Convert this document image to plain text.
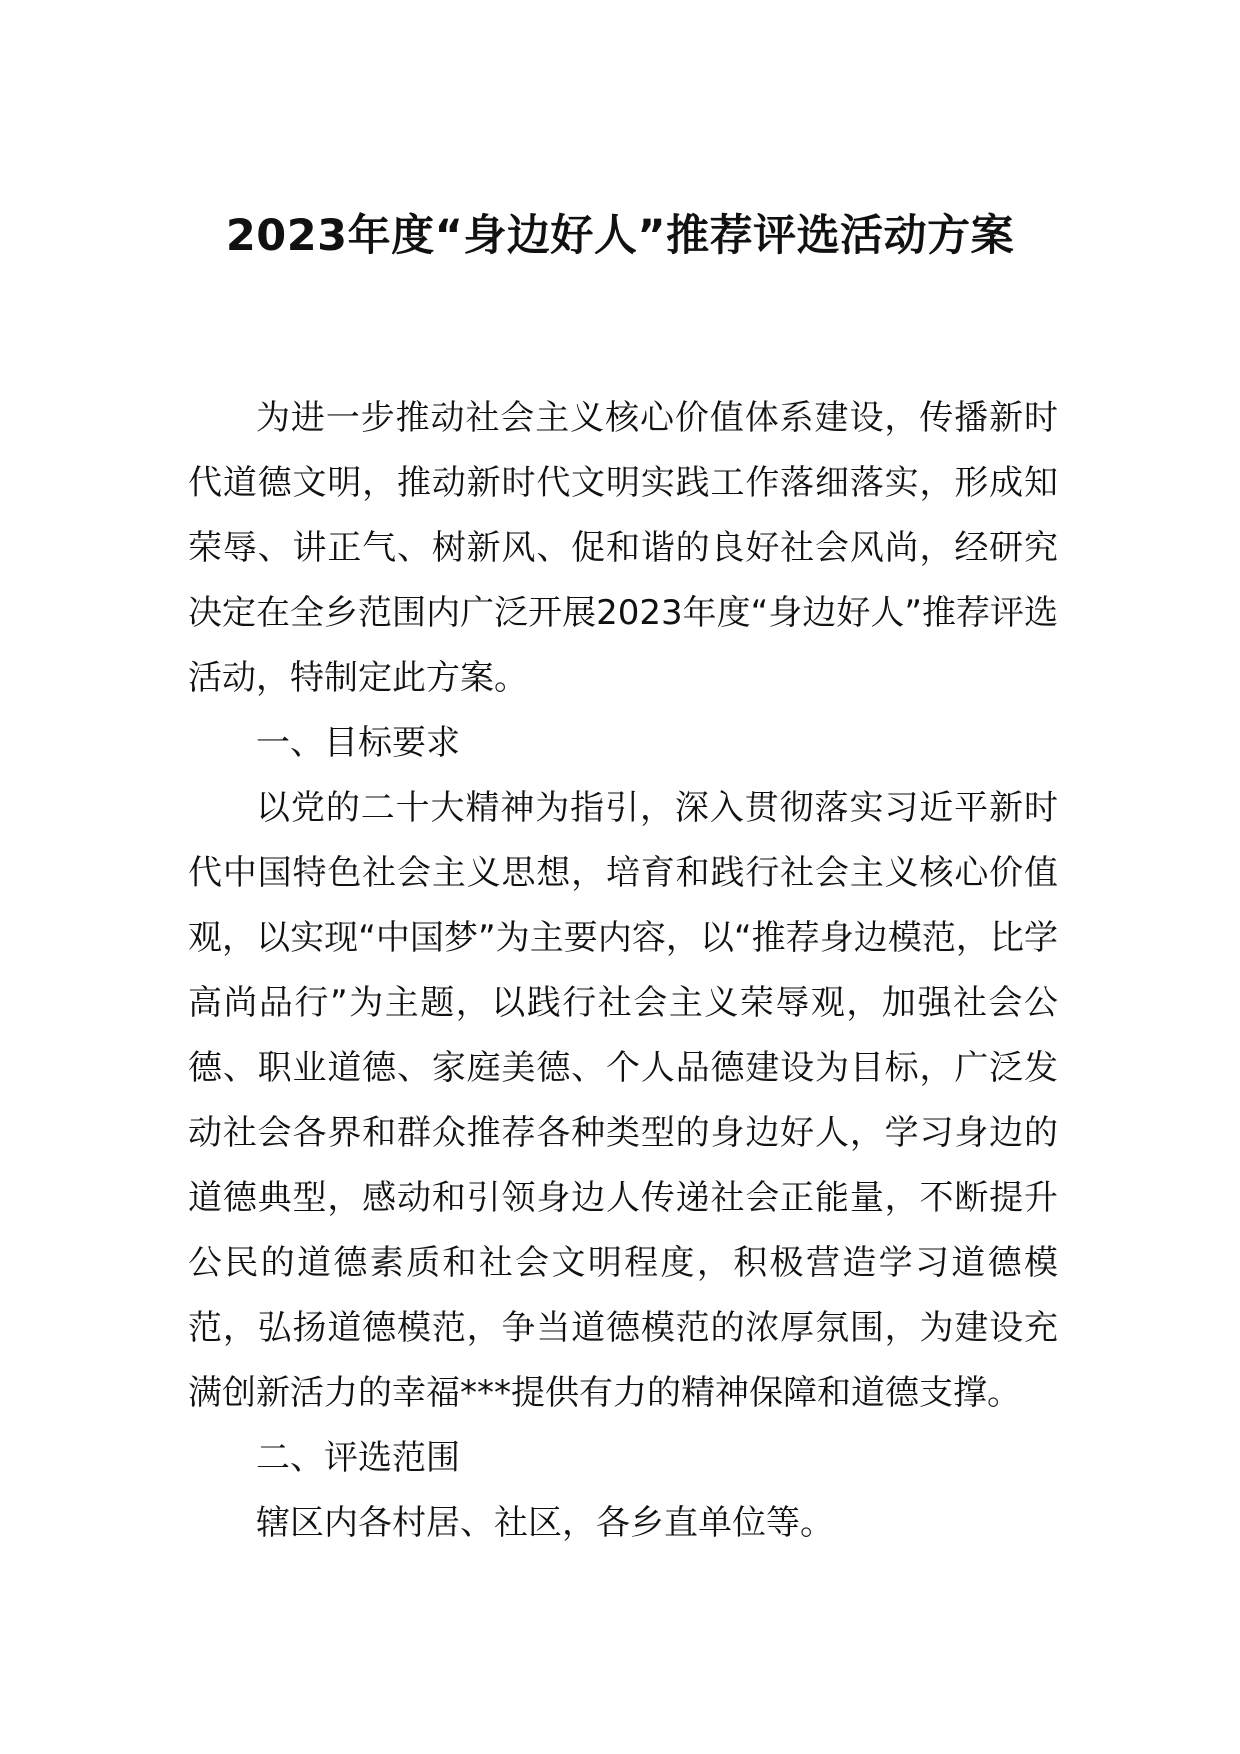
2023年度“身边好人”推荐评选活动方案

为进一步推动社会主义核心价值体系建设，传播新时代道德文明，推动新时代文明实践工作落细落实，形成知荣辱、讲正气、树新风、促和谐的良好社会风尚，经研究决定在全乡范围内广泛开展2023年度“身边好人”推荐评选活动，特制定此方案。

一、目标要求

以党的二十大精神为指引，深入贯彻落实习近平新时代中国特色社会主义思想，培育和践行社会主义核心价值观，以实现“中国梦”为主要内容，以“推荐身边模范，比学高尚品行”为主题，以践行社会主义荣辱观，加强社会公德、职业道德、家庭美德、个人品德建设为目标，广泛发动社会各界和群众推荐各种类型的身边好人，学习身边的道德典型，感动和引领身边人传递社会正能量，不断提升公民的道德素质和社会文明程度，积极营造学习道德模范，弘扬道德模范，争当道德模范的浓厚氛围，为建设充满创新活力的幸福***提供有力的精神保障和道德支撑。

二、评选范围

辖区内各村居、社区，各乡直单位等。
